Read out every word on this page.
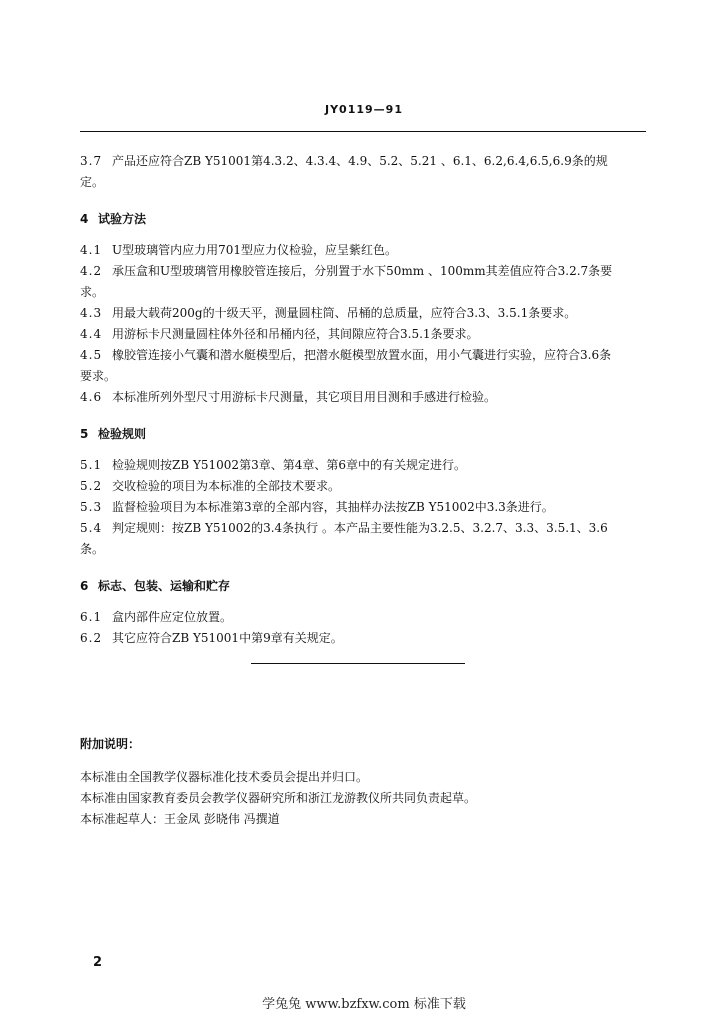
JY0119—91
3.7 产品还应符合ZB Y51001第4.3.2、4.3.4、4.9、5.2、5.21 、6.1、6.2,6.4,6.5,6.9条的规
定。
4 试验方法
4.1 U型玻璃管内应力用701型应力仪检验，应呈紫红色。
4.2 承压盒和U型玻璃管用橡胶管连接后，分别置于水下50mm 、100mm其差值应符合3.2.7条要
求。
4.3 用最大载荷200g的十级天平，测量圆柱筒、吊桶的总质量，应符合3.3、3.5.1条要求。
4.4 用游标卡尺测量圆柱体外径和吊桶内径，其间隙应符合3.5.1条要求。
4.5 橡胶管连接小气囊和潜水艇模型后，把潜水艇模型放置水面，用小气囊进行实验，应符合3.6条
要求。
4.6 本标准所列外型尺寸用游标卡尺测量，其它项目用目测和手感进行检验。
5 检验规则
5.1 检验规则按ZB Y51002第3章、第4章、第6章中的有关规定进行。
5.2 交收检验的项目为本标准的全部技术要求。
5.3 监督检验项目为本标准第3章的全部内容，其抽样办法按ZB Y51002中3.3条进行。
5.4 判定规则：按ZB Y51002的3.4条执行 。本产品主要性能为3.2.5、3.2.7、3.3、3.5.1、3.6
条。
6 标志、包装、运输和贮存
6.1 盒内部件应定位放置。
6.2 其它应符合ZB Y51001中第9章有关规定。
附加说明：

本标准由全国教学仪器标准化技术委员会提出并归口。

本标准由国家教育委员会教学仪器研究所和浙江龙游教仪所共同负责起草。

本标准起草人：王金凤 彭晓伟 冯撰道

2
学兔兔 www.bzfxw.com 标准下载
